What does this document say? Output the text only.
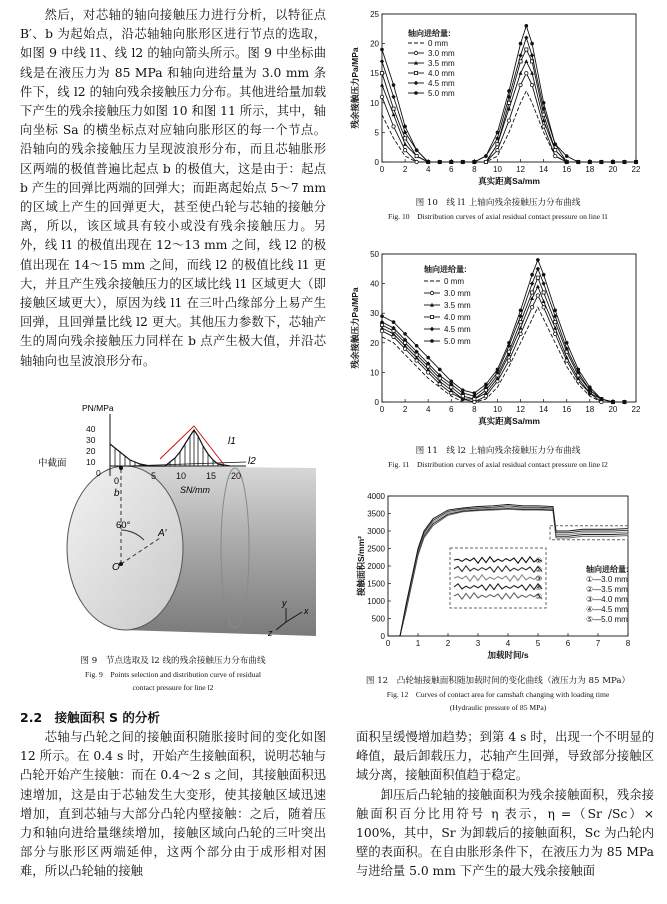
然后，对芯轴的轴向接触压力进行分析，以特征点 B′、b 为起始点，沿芯轴轴向胀形区进行节点的选取，如图 9 中线 l1、线 l2 的轴向箭头所示。图 9 中坐标曲线是在液压力为 85 MPa 和轴向进给量为 3.0 mm 条件下，线 l2 的轴向残余接触压力分布。其他进给量加载下产生的残余接触压力如图 10 和图 11 所示，其中，轴向坐标 Sa 的横坐标点对应轴向胀形区的每一个节点。沿轴向的残余接触压力呈现波浪形分布，而且芯轴胀形区两端的极值普遍比起点 b 的极值大，这是由于：起点 b 产生的回弹比两端的回弹大；而距离起始点 5～7 mm 的区域上产生的回弹更大，甚至使凸轮与芯轴的接触分离，所以，该区域具有较小或没有残余接触压力。另外，线 l1 的极值出现在 12～13 mm 之间，线 l2 的极值出现在 14～15 mm 之间，而线 l2 的极值比线 l1 更大，并且产生残余接触压力的区域比线 l1 区域更大（即接触区域更大），原因为线 l1 在三叶凸缘部分上易产生回弹，且回弹量比线 l2 更大。其他压力参数下，芯轴产生的周向残余接触压力同样在 b 点产生极大值，并沿芯轴轴向也呈波浪形分布。

40
30
20
10
0	5 10 15 20
PN/MPa
SN/mm
l1
l2
0
b
中截面
60°
A′
O
y
x
z
图 9　节点选取及 l2 线的残余接触压力分布曲线
Fig. 9　Points selection and distribution curve of residual
contact pressure for line l2

2.2　接触面积 S 的分析

芯轴与凸轮之间的接触面积随胀接时间的变化如图 12 所示。在 0.4 s 时，开始产生接触面积，说明芯轴与凸轮开始产生接触：而在 0.4～2 s 之间，其接触面积迅速增加，这是由于芯轴发生大变形，使其接触区域迅速增加，直到芯轴与大部分凸轮内壁接触：之后，随着压力和轴向进给量继续增加，接触区域向凸轮的三叶突出部分与胀形区两端延伸，这两个部分由于成形相对困难，所以凸轮轴的接触

0 2 4 6 8 10 12 14 16 18 20 22
0
5
10
15
20
25
真实距离Sa/mm
残余接触压力Pa/MPa
轴向进给量:
0 mm
3.0 mm
3.5 mm
4.0 mm
4.5 mm
5.0 mm
图 10　线 l1 上轴向残余接触压力分布曲线
Fig. 10　Distribution curves of axial residual contact pressure on line l1
0 2 4 6 8 10 12 14 16 18 20 22
0
10
20
30
40
50
真实距离Sa/mm
残余接触压力Pa/MPa
轴向进给量:
0 mm
3.0 mm
3.5 mm
4.0 mm
4.5 mm
5.0 mm
图 11　线 l2 上轴向残余接触压力分布曲线
Fig. 11　Distribution curves of axial residual contact pressure on line l2
0	1	2	3	4	5	6	7	8
0
500
1000
1500
2000
2500
3000
3500
4000
加载时间/s
接触面积S/mm²	轴向进给量:
①—3.0 mm
②—3.5 mm
③—4.0 mm
④—4.5 mm
⑤—5.0 mm
⑤
④
③
②
①
图 12　凸轮轴接触面积随加载时间的变化曲线（液压力为 85 MPa）
Fig. 12　Curves of contact area for camshaft changing with loading time
(Hydraulic pressure of 85 MPa)

面积呈缓慢增加趋势；到第 4 s 时，出现一个不明显的峰值，最后卸载压力，芯轴产生回弹，导致部分接触区域分离，接触面积值趋于稳定。

卸压后凸轮轴的接触面积为残余接触面积，残余接触面积百分比用符号 η 表示，η =（Sr /Sc）× 100%，其中，Sr 为卸载后的接触面积，Sc 为凸轮内壁的表面积。在自由胀形条件下，在液压力为 85 MPa与进给量 5.0 mm 下产生的最大残余接触面
